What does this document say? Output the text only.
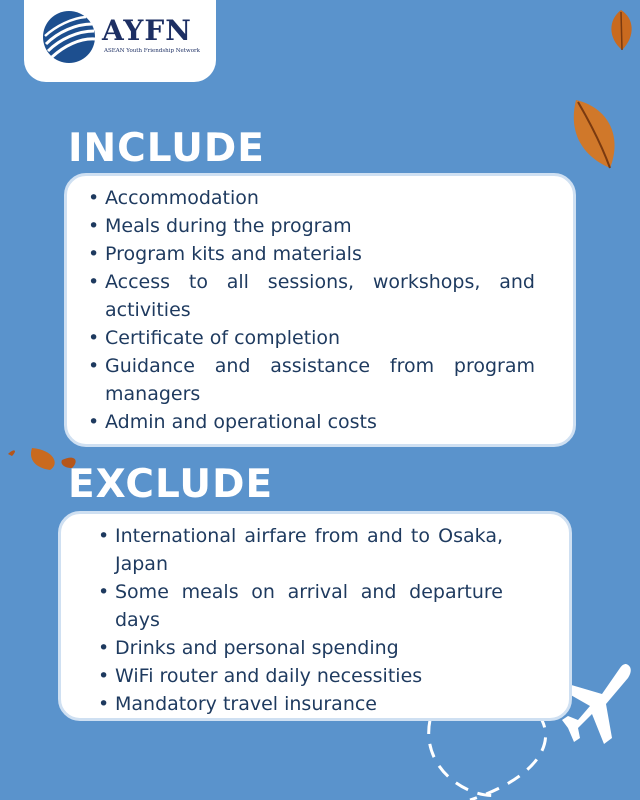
AYFN
ASEAN Youth Friendship Network
INCLUDE
• Accommodation
• Meals during the program
• Program kits and materials
• Access to all sessions, workshops, and activities
• Certificate of completion
• Guidance and assistance from program managers
• Admin and operational costs
EXCLUDE
• International airfare from and to Osaka, Japan
• Some meals on arrival and departure days
• Drinks and personal spending
• WiFi router and daily necessities
• Mandatory travel insurance
